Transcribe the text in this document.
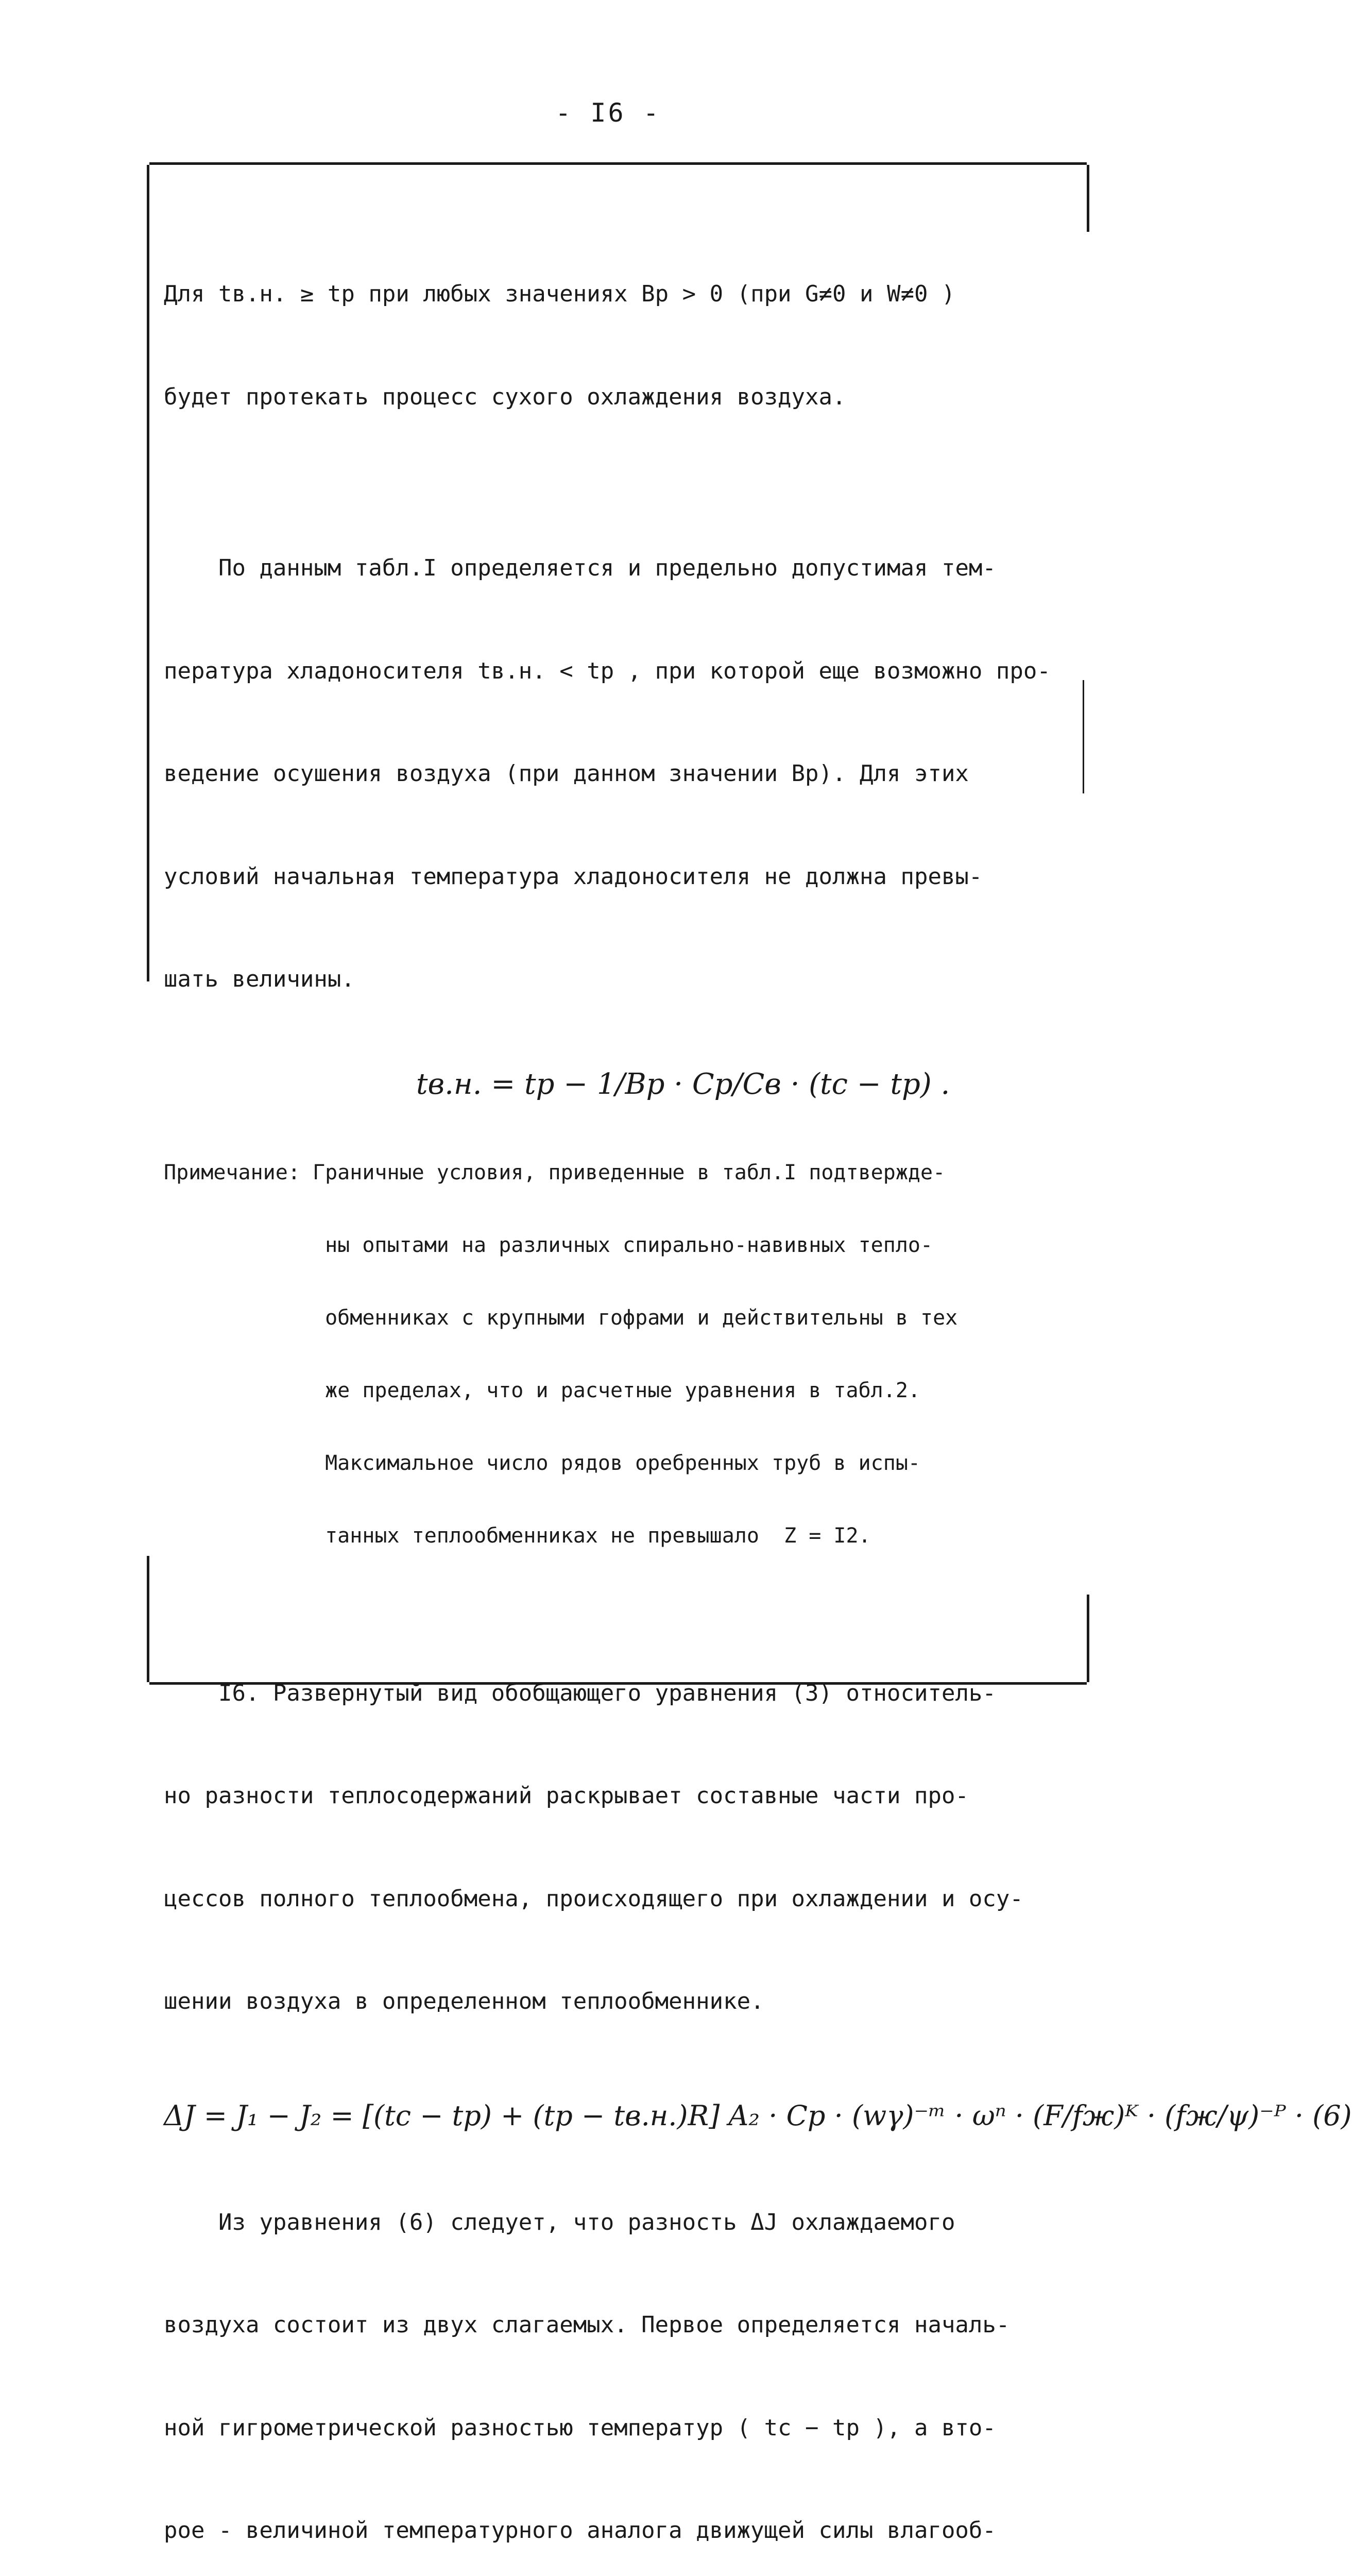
- I6 -

Для tв.н. ≥ tр при любых значениях Вр > 0 (при G≠0 и W≠0 )

будет протекать процесс сухого охлаждения воздуха.

По данным табл.I определяется и предельно допустимая тем-

пература хладоносителя tв.н. < tр , при которой еще возможно про-

ведение осушения воздуха (при данном значении Вр). Для этих

условий начальная температура хладоносителя не должна превы-

шать величины.

tв.н. = tр − 1/Bр · Cр/Cв · (tс − tр) .

Примечание: Граничные условия, приведенные в табл.I подтвержде-

ны опытами на различных спирально-навивных тепло-

обменниках с крупными гофрами и действительны в тех

же пределах, что и расчетные уравнения в табл.2.

Максимальное число рядов оребренных труб в испы-

танных теплообменниках не превышало  Z = I2.

I6. Развернутый вид обобщающего уравнения (3) относитель-

но разности теплосодержаний раскрывает составные части про-

цессов полного теплообмена, происходящего при охлаждении и осу-

шении воздуха в определенном теплообменнике.

ΔJ = J₁ − J₂ = [(tс − tр) + (tр − tв.н.)R] A₂ · Cр · (wγ)⁻ᵐ · ωⁿ · (F/fж)ᴷ · (fж/ψ)⁻ᴾ · (6)

Из уравнения (6) следует, что разность ΔJ охлаждаемого

воздуха состоит из двух слагаемых. Первое определяется началь-

ной гигрометрической разностью температур ( tс − tр ), а вто-

рое - величиной температурного аналога движущей силы влагооб-
